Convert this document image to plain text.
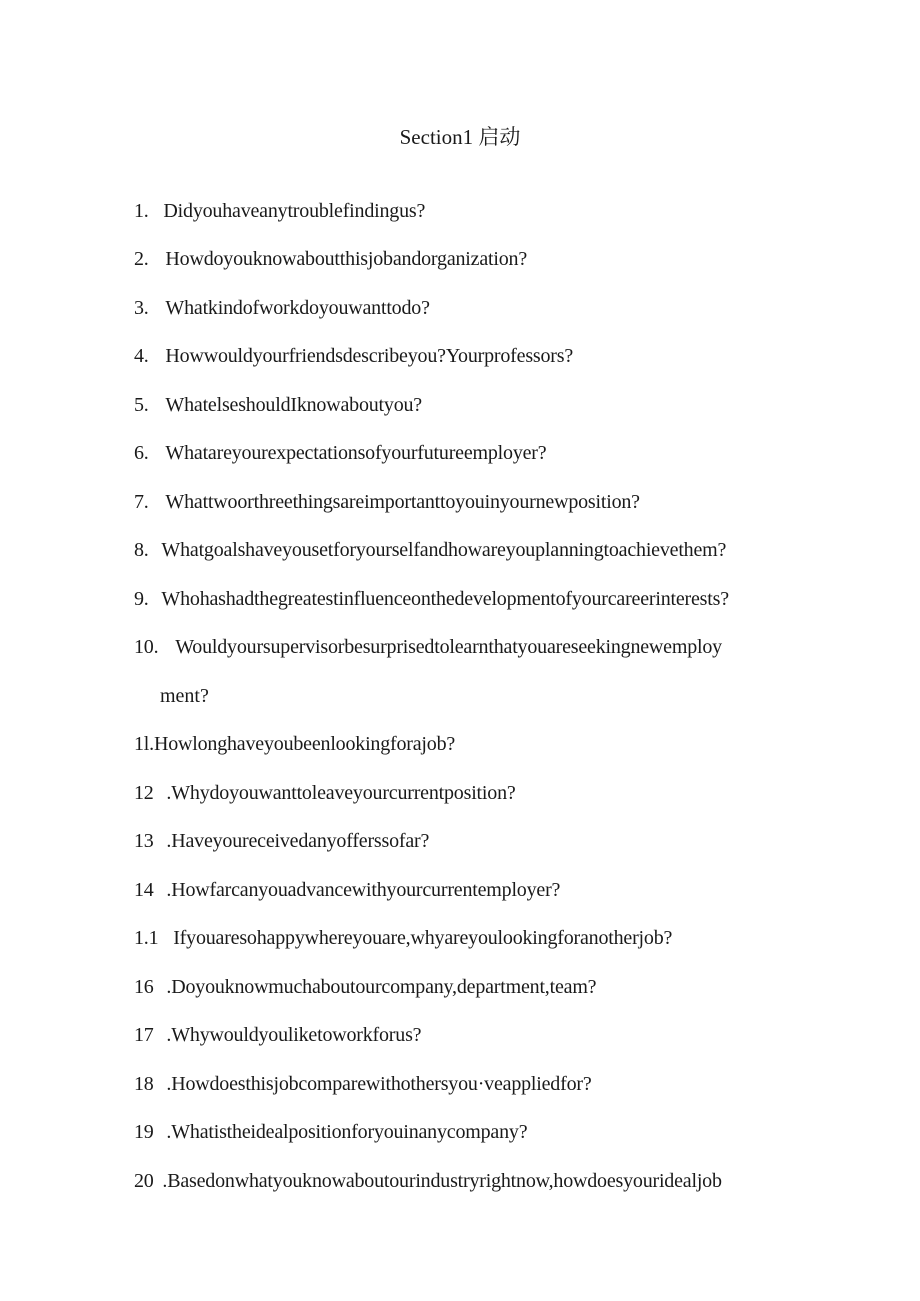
Section1 启动
1. Didyouhaveanytroublefindingus?
2. Howdoyouknowaboutthisjobandorganization?
3. Whatkindofworkdoyouwanttodo?
4. Howwouldyourfriendsdescribeyou?Yourprofessors?
5. WhatelseshouldIknowaboutyou?
6. Whatareyourexpectationsofyourfutureemployer?
7. Whattwoorthreethingsareimportanttoyouinyournewposition?
8. Whatgoalshaveyousetforyourselfandhowareyouplanningtoachievethem?
9. Whohashadthegreatestinfluenceonthedevelopmentofyourcareerinterests?
10. Wouldyoursupervisorbesurprisedtolearnthatyouareseekingnewemploy
ment?
1l.Howlonghaveyoubeenlookingforajob?
12 .Whydoyouwanttoleaveyourcurrentposition?
13 .Haveyoureceivedanyofferssofar?
14 .Howfarcanyouadvancewithyourcurrentemployer?
1.1 Ifyouaresohappywhereyouare,whyareyoulookingforanotherjob?
16 .Doyouknowmuchaboutourcompany,department,team?
17 .Whywouldyouliketoworkforus?
18 .Howdoesthisjobcomparewithothersyou·veappliedfor?
19 .Whatistheidealpositionforyouinanycompany?
20 .Basedonwhatyouknowaboutourindustryrightnow,howdoesyouridealjob
